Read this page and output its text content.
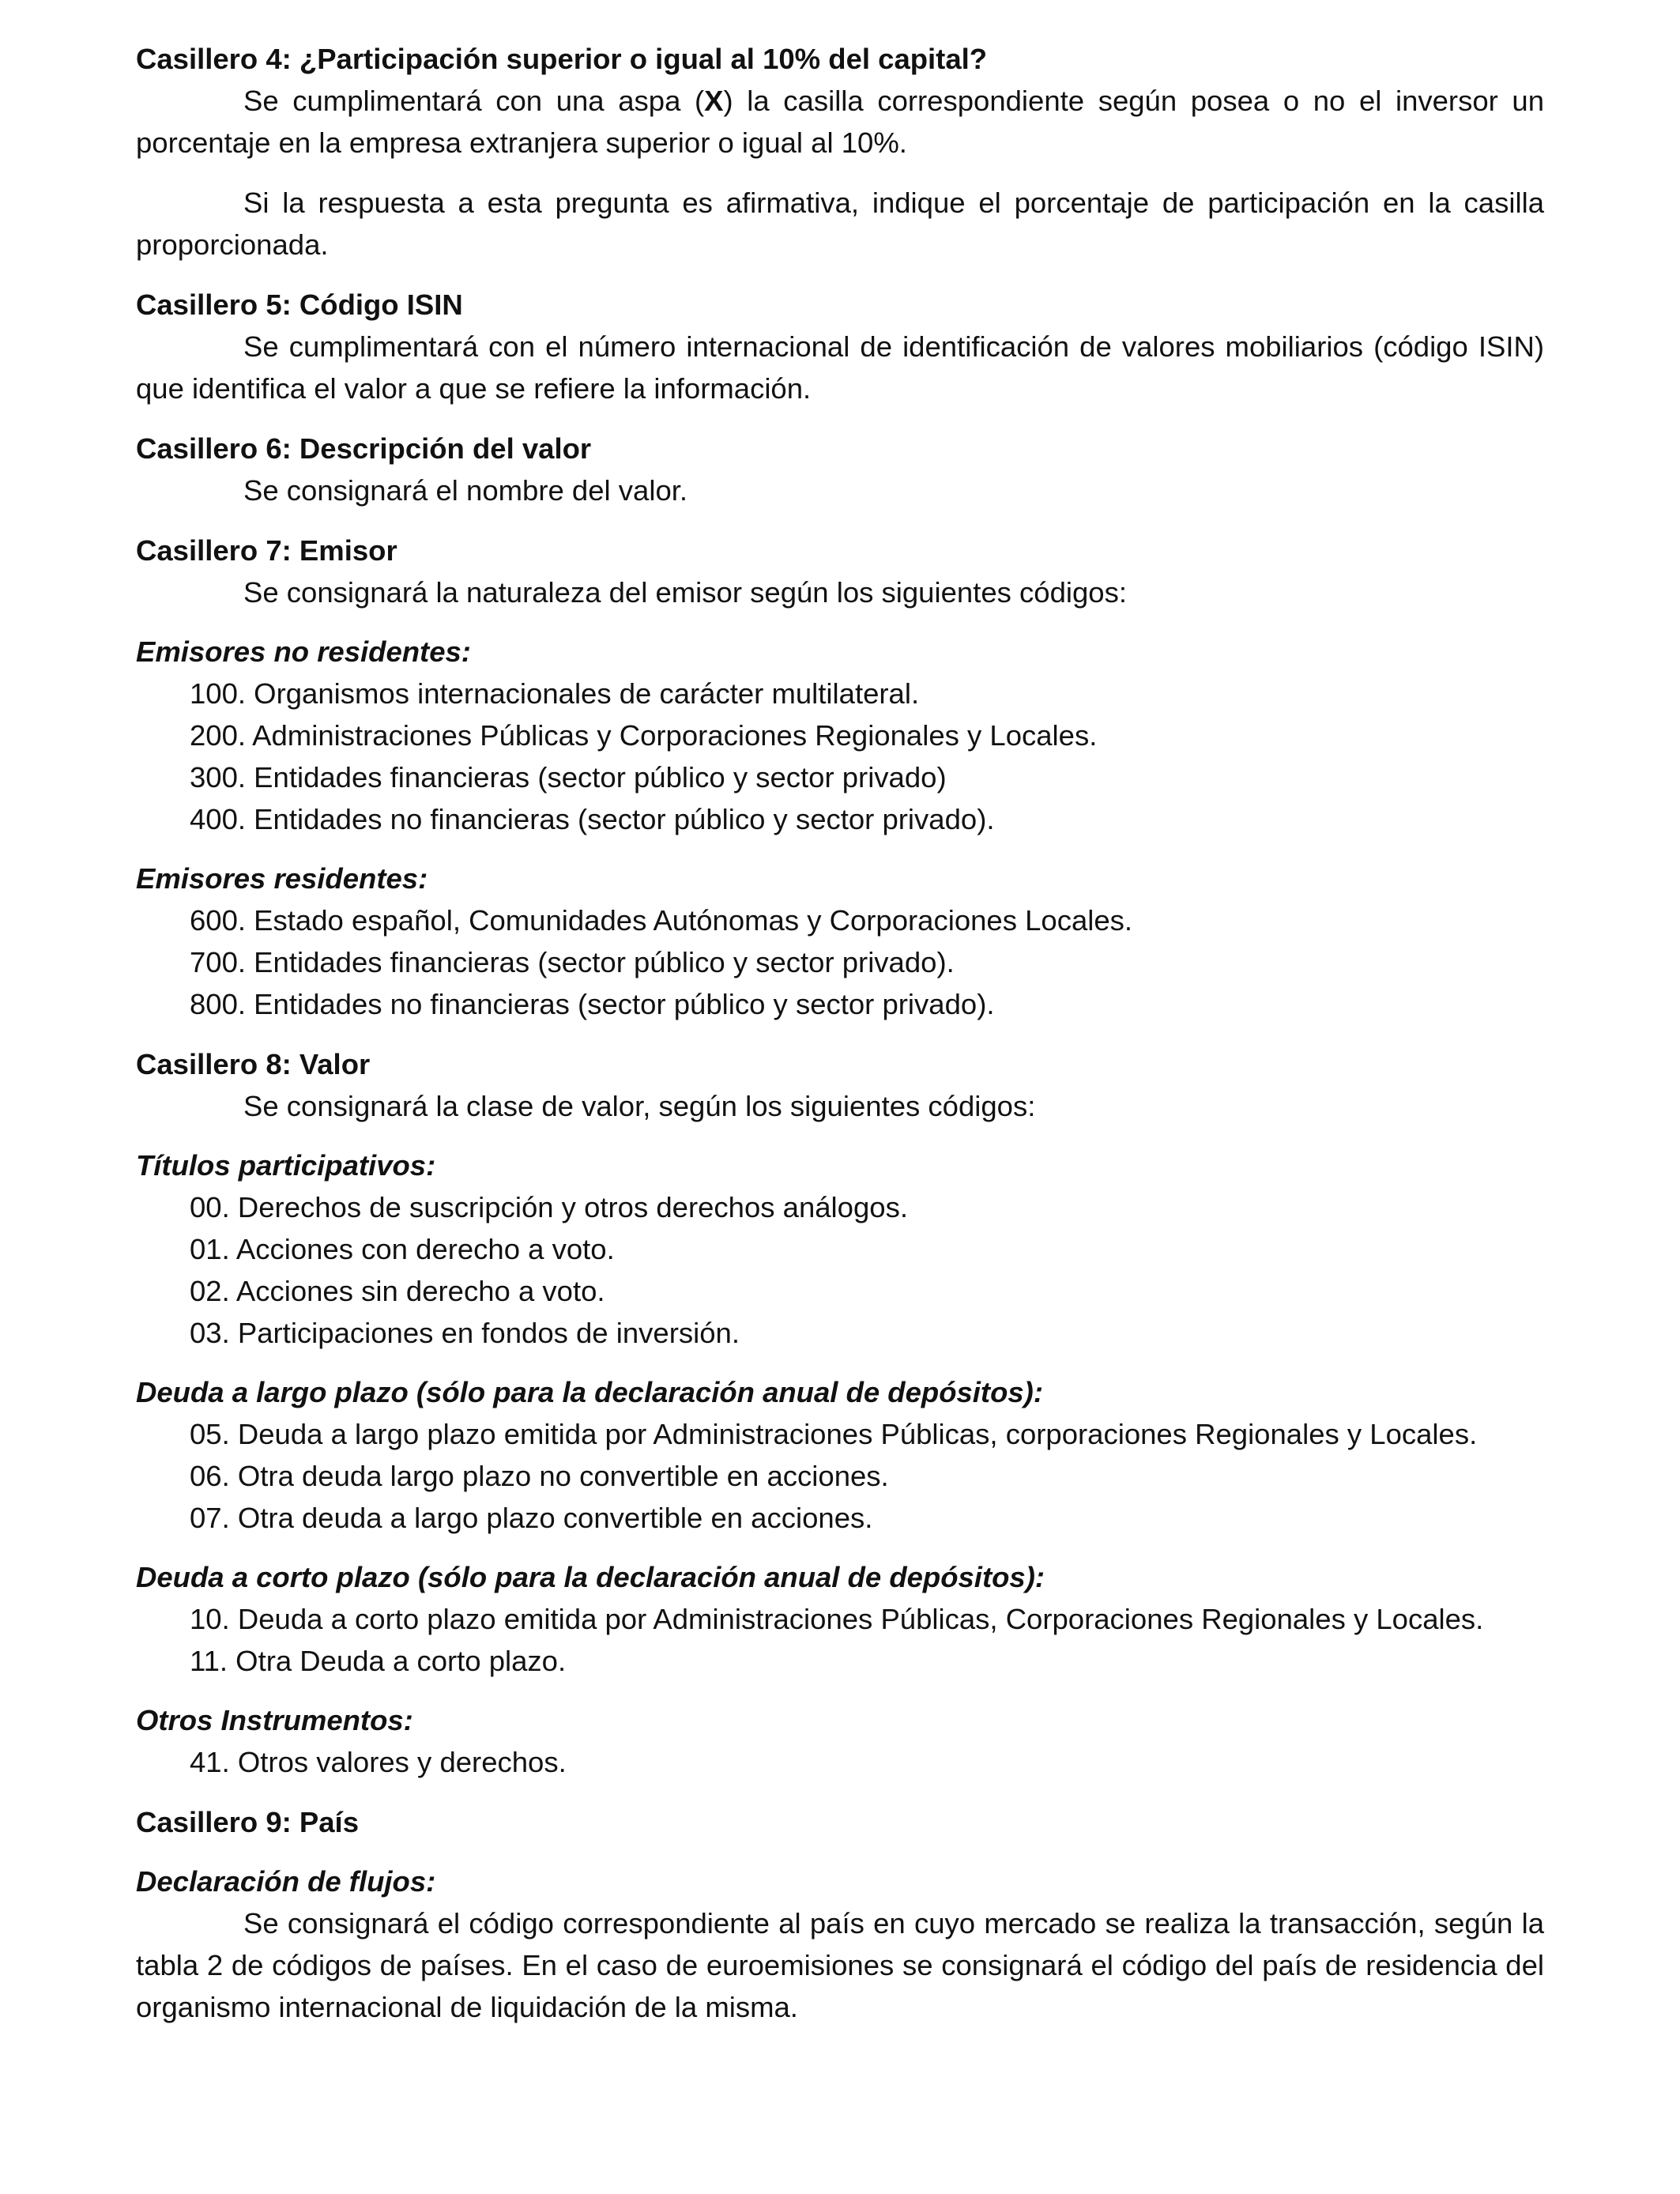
Casillero 4: ¿Participación superior o igual al 10% del capital?

Se cumplimentará con una aspa (X) la casilla correspondiente según posea o no el inversor un porcentaje en la empresa extranjera superior o igual al 10%.

Si la respuesta a esta pregunta es afirmativa, indique el porcentaje de participación en la casilla proporcionada.

Casillero 5: Código ISIN

Se cumplimentará con el número internacional de identificación de valores mobiliarios (código ISIN) que identifica el valor a que se refiere la información.

Casillero 6: Descripción del valor

Se consignará el nombre del valor.

Casillero 7: Emisor

Se consignará la naturaleza del emisor según los siguientes códigos:

Emisores no residentes:

100. Organismos internacionales de carácter multilateral.
200. Administraciones Públicas y Corporaciones Regionales y Locales.
300. Entidades financieras (sector público y sector privado)
400. Entidades no financieras (sector público y sector privado).

Emisores residentes:

600. Estado español, Comunidades Autónomas y Corporaciones Locales.
700. Entidades financieras (sector público y sector privado).
800. Entidades no financieras (sector público y sector privado).

Casillero 8: Valor

Se consignará la clase de valor, según los siguientes códigos:

Títulos participativos:

00. Derechos de suscripción y otros derechos análogos.
01. Acciones con derecho a voto.
02. Acciones sin derecho a voto.
03. Participaciones en fondos de inversión.

Deuda a largo plazo (sólo para la declaración anual de depósitos):

05. Deuda a largo plazo emitida por Administraciones Públicas, corporaciones Regionales y Locales.
06. Otra deuda largo plazo no convertible en acciones.
07. Otra deuda a largo plazo convertible en acciones.

Deuda a corto plazo (sólo para la declaración anual de depósitos):

10. Deuda a corto plazo emitida por Administraciones Públicas, Corporaciones Regionales y Locales.
11. Otra Deuda a corto plazo.

Otros Instrumentos:

41. Otros valores y derechos.

Casillero 9: País

Declaración de flujos:

Se consignará el código correspondiente al país en cuyo mercado se realiza la transacción, según la tabla 2 de códigos de países. En el caso de euroemisiones se consignará el código del país de residencia del organismo internacional de liquidación de la misma.
